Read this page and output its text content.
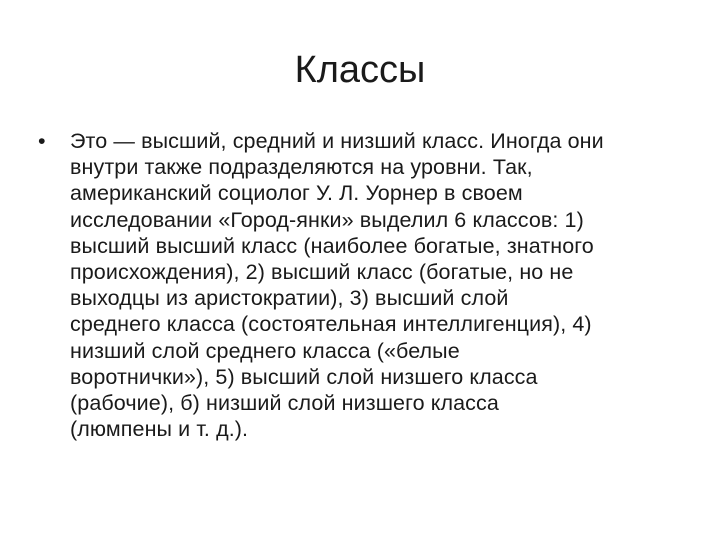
Классы
•	Это — высший, средний и низший класс. Иногда они
внутри также подразделяются на уровни. Так,
американский социолог У. Л. Уорнер в своем
исследовании «Город-янки» выделил 6 классов: 1)
высший высший класс (наиболее богатые, знатного
происхождения), 2) высший класс (богатые, но не
выходцы из аристократии), 3) высший слой
среднего класса (состоятельная интеллигенция), 4)
низший слой среднего класса («белые
воротнички»), 5) высший слой низшего класса
(рабочие), б) низший слой низшего класса
(люмпены и т. д.).
